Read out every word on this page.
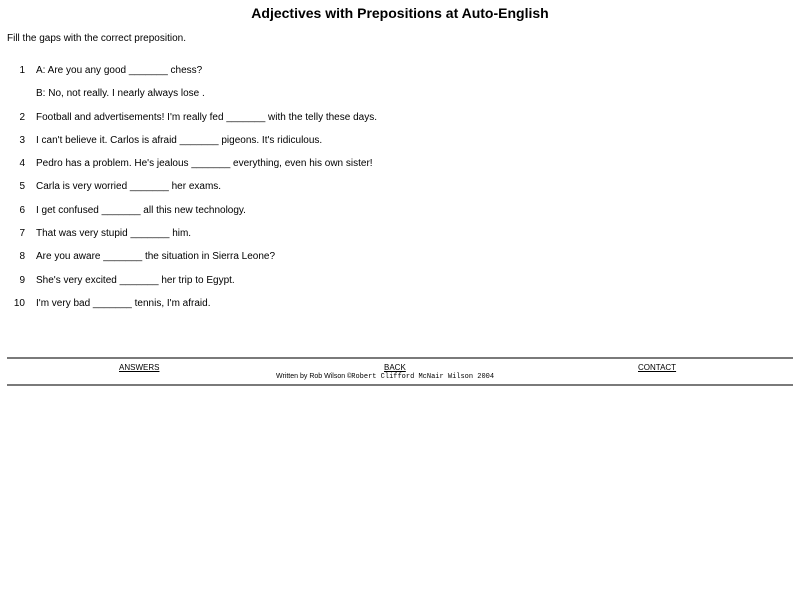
Adjectives with Prepositions at Auto-English
Fill the gaps with the correct preposition.
1 A: Are you any good _______ chess?
B: No, not really. I nearly always lose .
2 Football and advertisements! I'm really fed _______ with the telly these days.
3 I can't believe it. Carlos is afraid _______ pigeons. It's ridiculous.
4 Pedro has a problem. He's jealous _______ everything, even his own sister!
5 Carla is very worried _______ her exams.
6 I get confused _______ all this new technology.
7 That was very stupid _______ him.
8 Are you aware _______ the situation in Sierra Leone?
9 She's very excited _______ her trip to Egypt.
10 I'm very bad _______ tennis, I'm afraid.
ANSWERS	BACK	CONTACT
Written by Rob Wilson ©Robert Clifford McNair Wilson 2004
